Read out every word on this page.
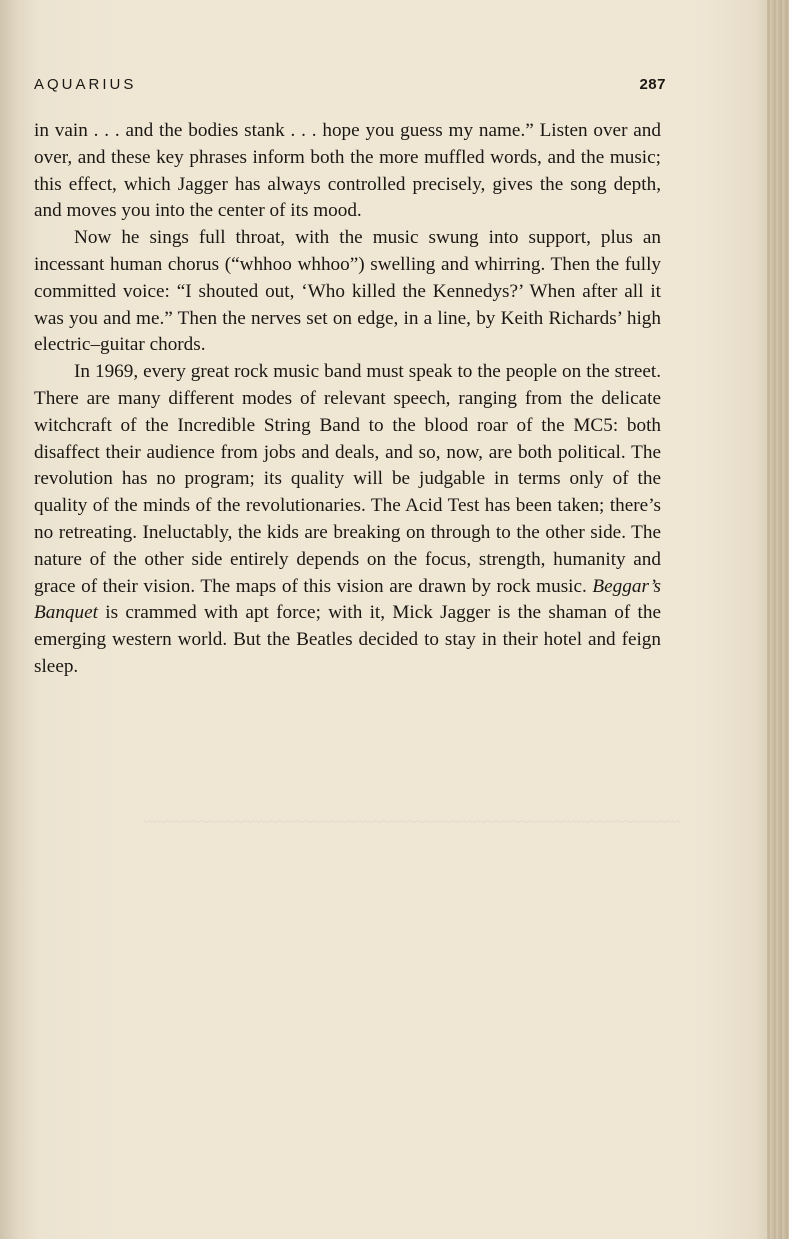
~~~~~~~~~~~~~~~~~~~~~~~~~~~~~~~~~~~~~~~~~~~~~~~~~~~~~~~~~~~~~~
AQUARIUS	287

in vain . . . and the bodies stank . . . hope you guess my name.” Listen over and over, and these key phrases inform both the more muffled words, and the music; this effect, which Jagger has always controlled precisely, gives the song depth, and moves you into the center of its mood.

Now he sings full throat, with the music swung into support, plus an incessant human chorus (“whhoo whhoo”) swelling and whirring. Then the fully committed voice: “I shouted out, ‘Who killed the Kennedys?’ When after all it was you and me.” Then the nerves set on edge, in a line, by Keith Richards’ high electric–guitar chords.

In 1969, every great rock music band must speak to the people on the street. There are many different modes of relevant speech, ranging from the delicate witchcraft of the Incredible String Band to the blood roar of the MC5: both disaffect their audience from jobs and deals, and so, now, are both political. The revolution has no program; its quality will be judgable in terms only of the quality of the minds of the revolutionaries. The Acid Test has been taken; there’s no retreating. Ineluctably, the kids are breaking on through to the other side. The nature of the other side entirely depends on the focus, strength, humanity and grace of their vision. The maps of this vision are drawn by rock music. Beggar’s Banquet is crammed with apt force; with it, Mick Jagger is the shaman of the emerging western world. But the Beatles decided to stay in their hotel and feign sleep.
